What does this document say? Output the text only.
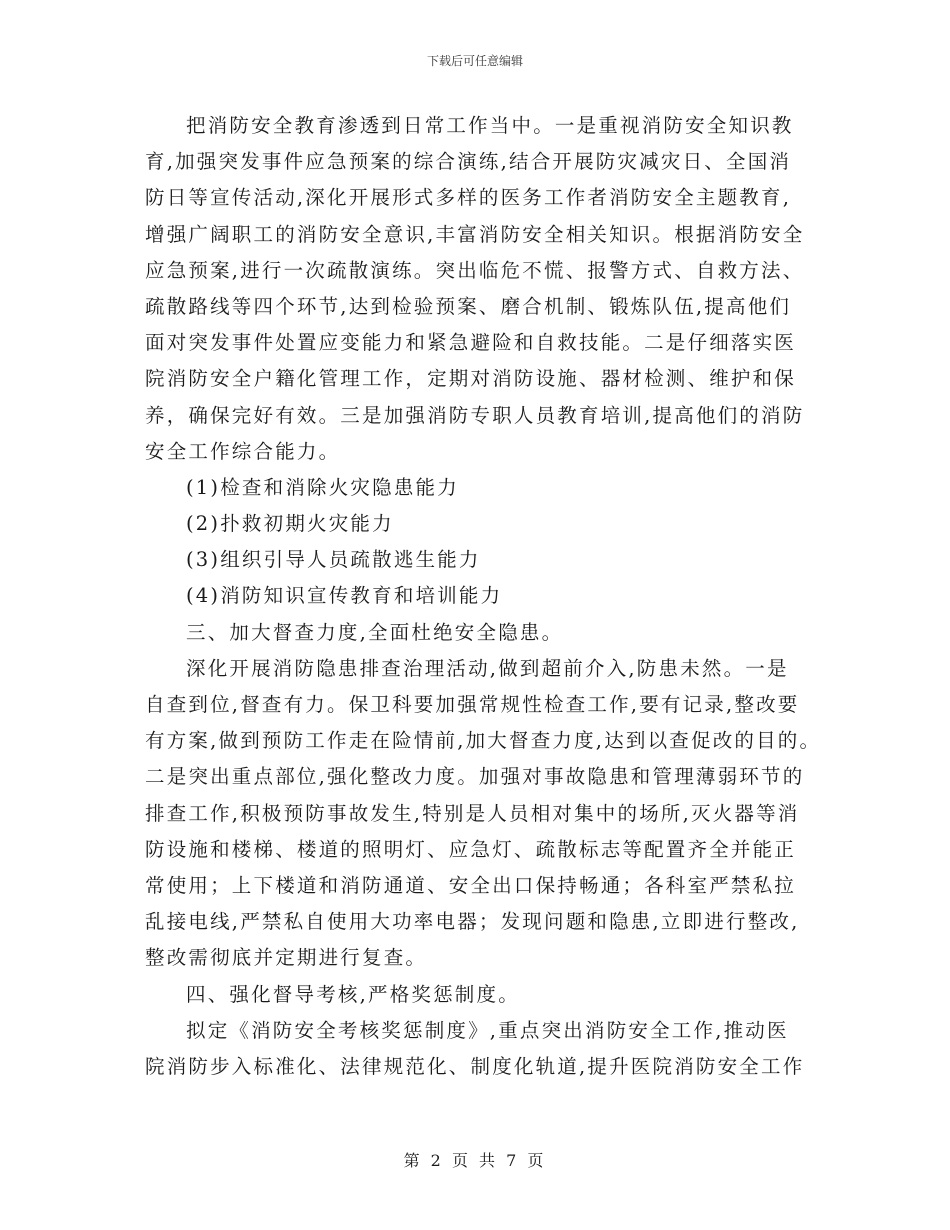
下载后可任意编辑
把消防安全教育渗透到日常工作当中。一是重视消防安全知识教
育,加强突发事件应急预案的综合演练,结合开展防灾减灾日、全国消
防日等宣传活动,深化开展形式多样的医务工作者消防安全主题教育,
增强广阔职工的消防安全意识,丰富消防安全相关知识。根据消防安全
应急预案,进行一次疏散演练。突出临危不慌、报警方式、自救方法、
疏散路线等四个环节,达到检验预案、磨合机制、锻炼队伍,提高他们
面对突发事件处置应变能力和紧急避险和自救技能。二是仔细落实医
院消防安全户籍化管理工作，定期对消防设施、器材检测、维护和保
养，确保完好有效。三是加强消防专职人员教育培训,提高他们的消防
安全工作综合能力。
(1)检查和消除火灾隐患能力
(2)扑救初期火灾能力
(3)组织引导人员疏散逃生能力
(4)消防知识宣传教育和培训能力
三、加大督查力度,全面杜绝安全隐患。
深化开展消防隐患排查治理活动,做到超前介入,防患未然。一是
自查到位,督查有力。保卫科要加强常规性检查工作,要有记录,整改要
有方案,做到预防工作走在险情前,加大督查力度,达到以查促改的目的。
二是突出重点部位,强化整改力度。加强对事故隐患和管理薄弱环节的
排查工作,积极预防事故发生,特别是人员相对集中的场所,灭火器等消
防设施和楼梯、楼道的照明灯、应急灯、疏散标志等配置齐全并能正
常使用；上下楼道和消防通道、安全出口保持畅通；各科室严禁私拉
乱接电线,严禁私自使用大功率电器；发现问题和隐患,立即进行整改,
整改需彻底并定期进行复查。
四、强化督导考核,严格奖惩制度。
拟定《消防安全考核奖惩制度》,重点突出消防安全工作,推动医
院消防步入标准化、法律规范化、制度化轨道,提升医院消防安全工作
第 2 页 共 7 页
